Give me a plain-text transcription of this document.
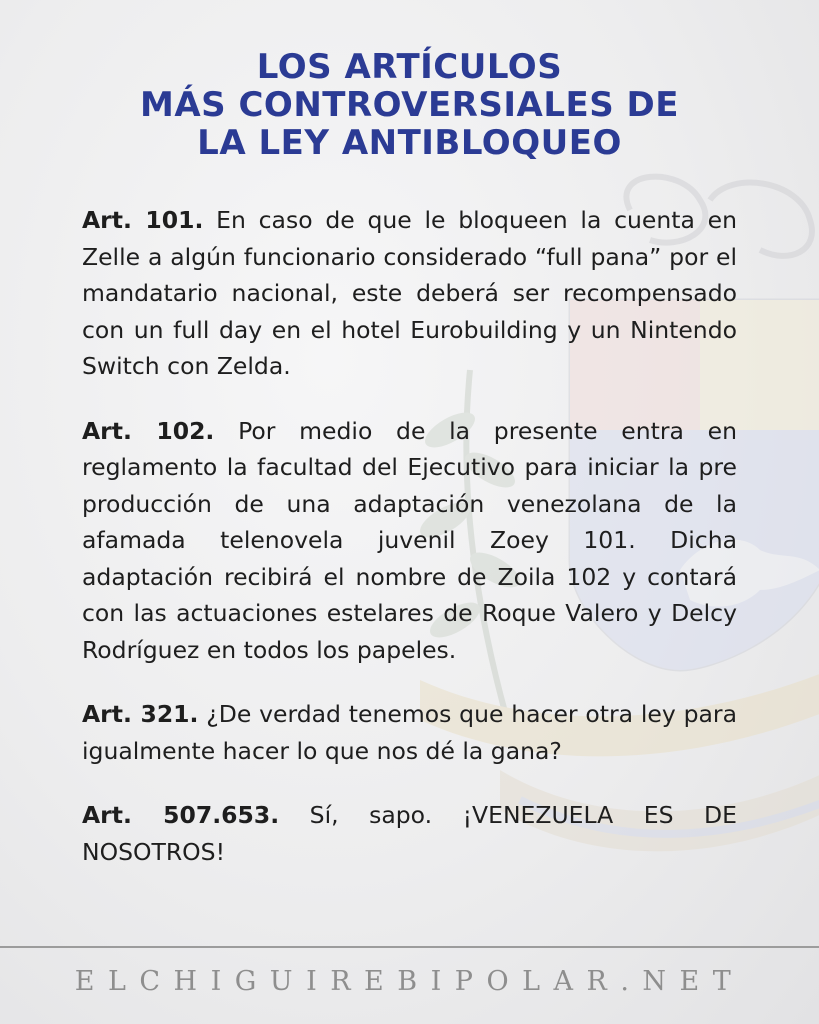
LOS ARTÍCULOS
MÁS CONTROVERSIALES DE
LA LEY ANTIBLOQUEO

Art. 101. En caso de que le bloqueen la cuenta en Zelle a algún funcionario considerado “full pana” por el mandatario nacional, este deberá ser recompensado con un full day en el hotel Eurobuilding y un Nintendo Switch con Zelda.

Art. 102. Por medio de la presente entra en reglamento la facultad del Ejecutivo para iniciar la pre producción de una adaptación venezolana de la afamada telenovela juvenil Zoey 101. Dicha adaptación recibirá el nombre de Zoila 102 y contará con las actuaciones estelares de Roque Valero y Delcy Rodríguez en todos los papeles.

Art. 321. ¿De verdad tenemos que hacer otra ley para igualmente hacer lo que nos dé la gana?

Art. 507.653. Sí, sapo. ¡VENEZUELA ES DE NOSOTROS!

ELCHIGUIREBIPOLAR.NET
